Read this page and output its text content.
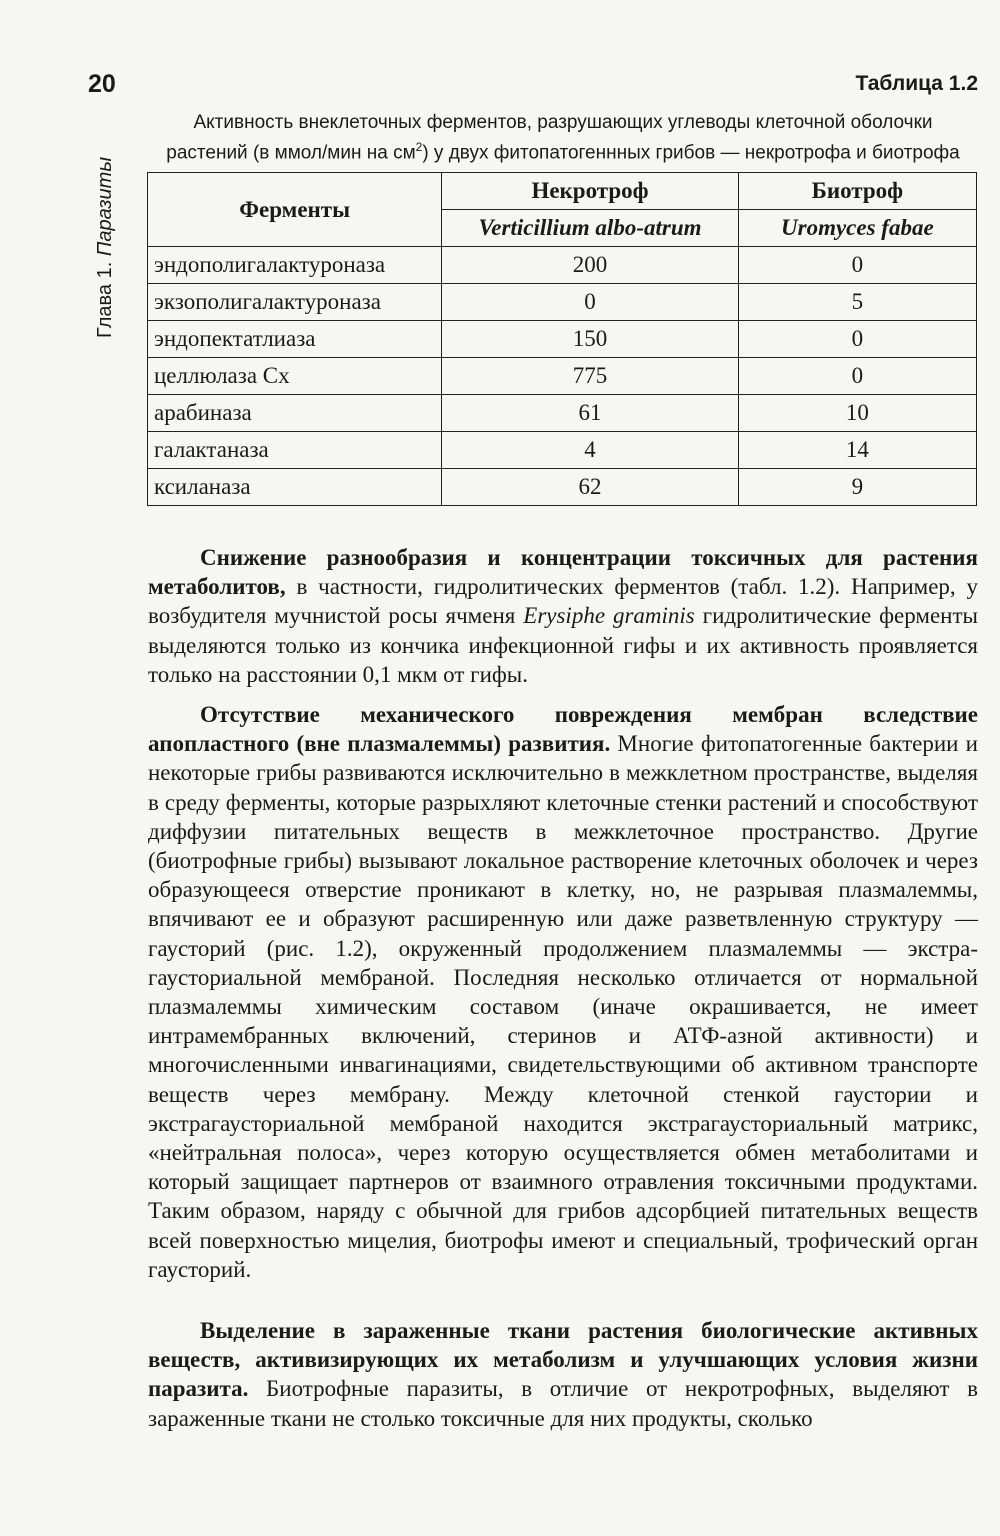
20	Таблица 1.2
Глава 1. Паразиты
Активность внеклеточных ферментов, разрушающих углеводы клеточной оболочки
растений (в ммол/мин на $см^2$) у двух фитопатогеннных грибов — некротрофа и биотрофа
Ферменты	Некротроф	Биотроф
	Verticillium albo-atrum	Uromyces fabae
эндополигалактуроназа	200	0
экзополигалактуроназа	0	5
эндопектатлиаза	150	0
целлюлаза Сх	775	0
арабиназа	61	10
галактаназа	4	14
ксиланаза	62	9

Снижение разнообразия и концентрации токсичных для растения метаболитов, в частности, гидролитических ферментов (табл. 1.2). Например, у возбудителя мучнистой росы ячменя Erysiphe graminis гидролитические ферменты выделяются только из кончика инфекционной гифы и их активность проявляется только на расстоянии 0,1 мкм от гифы.

Отсутствие механического повреждения мембран вследствие апопластного (вне плазмалеммы) развития. Многие фитопатогенные бактерии и некоторые грибы развиваются исключительно в межклетном пространстве, выделяя в среду ферменты, которые разрыхляют клеточные стенки растений и способствуют диффузии питательных веществ в межклеточное пространство. Другие (биотрофные грибы) вызывают локальное растворение клеточных оболочек и через образующееся отверстие проникают в клетку, но, не разрывая плазмалеммы, впячивают ее и образуют расширенную или даже разветвленную структуру — гаусторий (рис. 1.2), окруженный продолжением плазмалеммы — экстра-гаусториальной мембраной. Последняя несколько отличается от нормальной плазмалеммы химическим составом (иначе окрашивается, не имеет интрамембранных включений, стеринов и АТФ-азной активности) и многочисленными инвагинациями, свидетельствующими об активном транспорте веществ через мембрану. Между клеточной стенкой гаустории и экстрагаусториальной мембраной находится экстрагаусториальный матрикс, «нейтральная полоса», через которую осуществляется обмен метаболитами и который защищает партнеров от взаимного отравления токсичными продуктами. Таким образом, наряду с обычной для грибов адсорбцией питательных веществ всей поверхностью мицелия, биотрофы имеют и специальный, трофический орган гаусторий.

Выделение в зараженные ткани растения биологические активных веществ, активизирующих их метаболизм и улучшающих условия жизни паразита. Биотрофные паразиты, в отличие от некротрофных, выделяют в зараженные ткани не столько токсичные для них продукты, сколько
